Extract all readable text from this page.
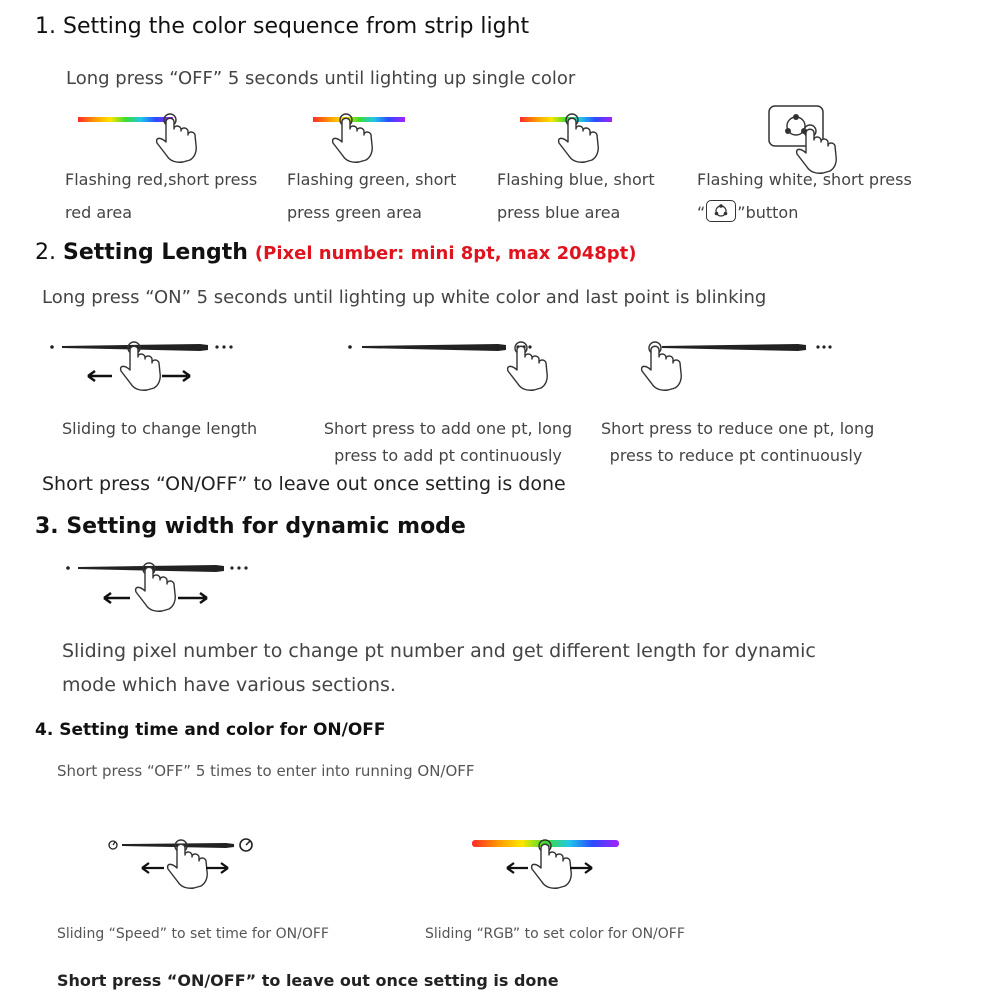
1. Setting the color sequence from strip light
Long press “OFF” 5 seconds until lighting up single color
Flashing red,short press
red area
Flashing green, short
press green area
Flashing blue, short
press blue area
Flashing white, short press
“ ”button
2. Setting Length (Pixel number: mini 8pt, max 2048pt)
Long press “ON” 5 seconds until lighting up white color and last point is blinking
Sliding to change length	Short press to add one pt, long
press to add pt continuously
Short press to reduce one pt, long
press to reduce pt continuously
Short press “ON/OFF” to leave out once setting is done
3. Setting width for dynamic mode
Sliding pixel number to change pt number and get different length for dynamic
mode which have various sections.
4. Setting time and color for ON/OFF
Short press “OFF” 5 times to enter into running ON/OFF
Sliding “Speed” to set time for ON/OFF	Sliding “RGB” to set color for ON/OFF
Short press “ON/OFF” to leave out once setting is done
